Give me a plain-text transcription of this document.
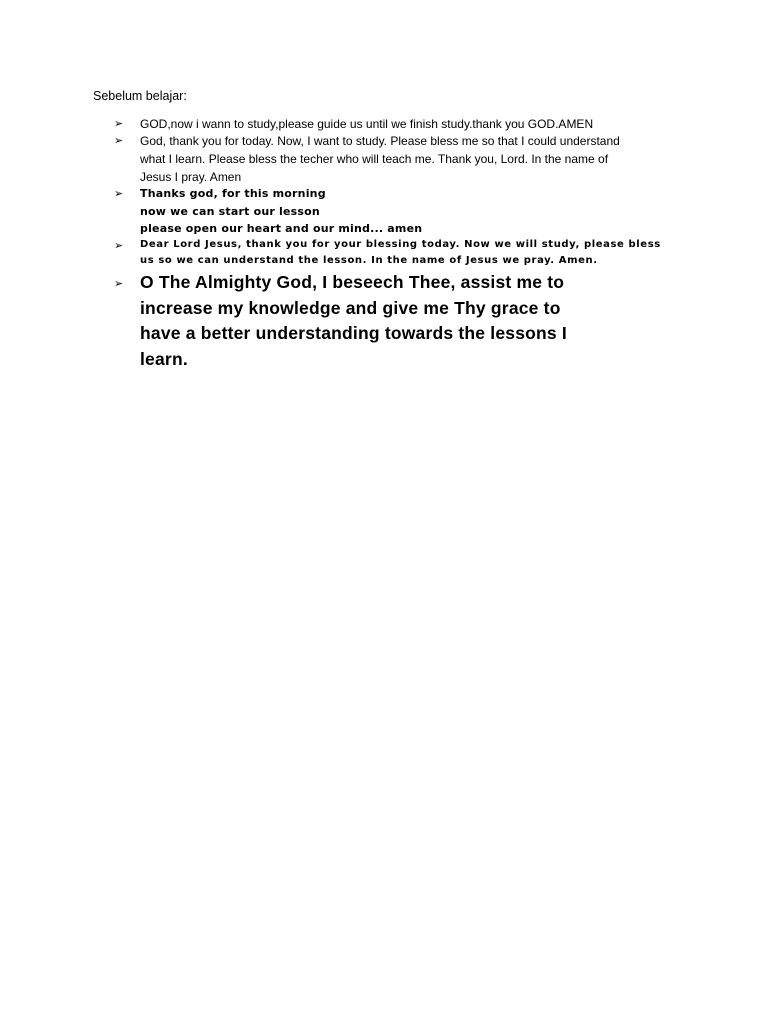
Sebelum belajar:

➢ GOD,now i wann to study,please guide us until we finish study.thank you GOD.AMEN

➢ God, thank you for today. Now, I want to study. Please bless me so that I could understand
what I learn. Please bless the techer who will teach me. Thank you, Lord. In the name of
Jesus I pray. Amen

➢ Thanks god, for this morning
now we can start our lesson
please open our heart and our mind... amen

➢ Dear Lord Jesus, thank you for your blessing today. Now we will study, please bless
us so we can understand the lesson. In the name of Jesus we pray. Amen.

➢ O The Almighty God, I beseech Thee, assist me to
increase my knowledge and give me Thy grace to
have a better understanding towards the lessons I
learn.
